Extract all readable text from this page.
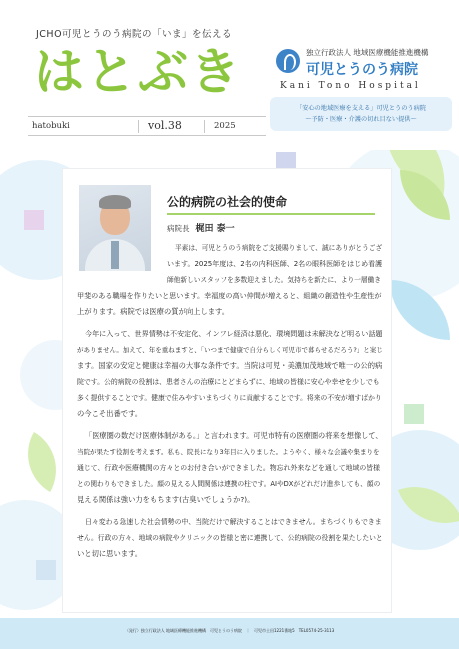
JCHO可児とうのう病院の「いま」を伝える
はとぶき
hatobuki	vol.38	2025
独立行政法人 地域医療機能推進機構
可児とうのう病院
Kani Tono Hospital
「安心の地域医療を支える」可児とうのう病院
～予防・医療・介護の切れ目ない提供～
公的病院の社会的使命
病院長 梶田 泰一
平素は、可児とうのう病院をご支援賜りまして、誠にありがとうござ
います。2025年度は、2名の内科医師、2名の眼科医師をはじめ看護
師他新しいスタッフを多数迎えました。気持ちを新たに、より一層働き
甲斐のある職場を作りたいと思います。幸福度の高い仲間が増えると、組織の創造性や生産性が
上がります。病院では医療の質が向上します。
今年に入って、世界情勢は不安定化、インフレ経済は悪化、環境問題は未解決など明るい話題
がありません。加えて、年を重ねますと、「いつまで健康で自分らしく可児市で暮らせるだろう?」と案じ
ます。国家の安定と健康は幸福の大事な条件です。当院は可児・美濃加茂地域で唯一の公的病
院です。公的病院の役割は、患者さんの治療にとどまらずに、地域の皆様に安心や幸せを少しでも
多く提供することです。健康で住みやすいまちづくりに貢献することです。将来の不安が増すばかり
の今こそ出番です。
「医療圏の数だけ医療体制がある。」と言われます。可児市特有の医療圏の将来を想像して、
当院が果たす役割を考えます。私も、院長になり3年目に入りました。ようやく、様々な会議や集まりを
通じて、行政や医療機関の方々とのお付き合いができました。物忘れ外来などを通して地域の皆様
との関わりもできました。顔の見える人間関係は連携の柱です。AIやDXがどれだけ進歩しても、顔の
見える関係は強い力をもちます(古臭いでしょうか?)。
日々変わる急速した社会情勢の中、当院だけで解決することはできません。まちづくりもできま
せん。行政の方々、地域の病院やクリニックの皆様と密に連携して、公的病院の役割を果たしたいと
いと切に思います。
〈発行〉独立行政法人 地域医療機能推進機構　可児とうのう病院　｜　可児市土田1221番地5　TEL0574-25-3113
